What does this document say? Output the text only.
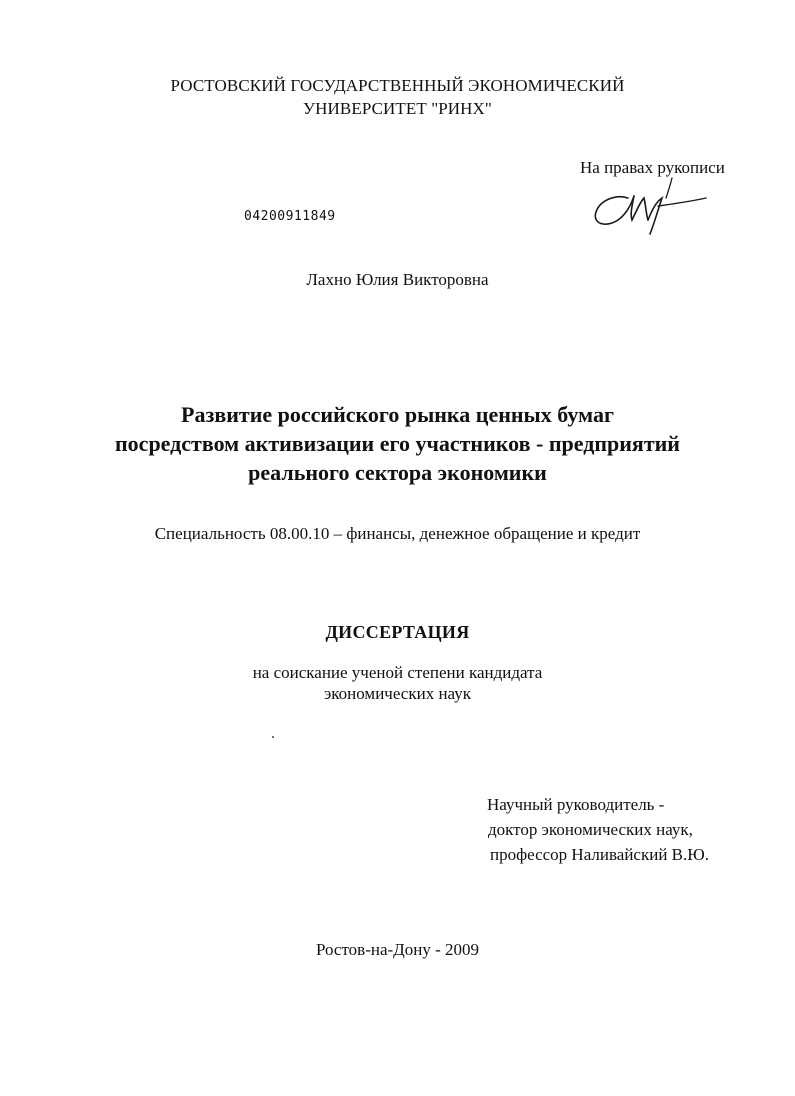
РОСТОВСКИЙ ГОСУДАРСТВЕННЫЙ ЭКОНОМИЧЕСКИЙ
УНИВЕРСИТЕТ "РИНХ"
На правах рукописи
04200911849
Лахно Юлия Викторовна
Развитие российского рынка ценных бумаг
посредством активизации его участников - предприятий
реального сектора экономики
Специальность 08.00.10 – финансы, денежное обращение и кредит
ДИССЕРТАЦИЯ
на соискание ученой степени кандидата
экономических наук
Научный руководитель -
доктор экономических наук,
профессор Наливайский В.Ю.
Ростов-на-Дону - 2009
